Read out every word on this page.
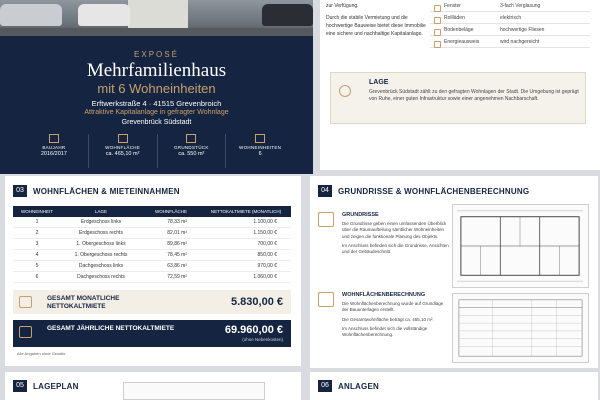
EXPOSÉ
Mehrfamilienhaus
mit 6 Wohneinheiten
Erftwerkstraße 4 · 41515 Grevenbroich
Attraktive Kapitalanlage in gefragter Wohnlage
Grevenbrück Südstadt
BAUJAHR
2016/2017
WOHNFLÄCHE
ca. 465,10 m²
GRUNDSTÜCK
ca. 550 m²
WOHNEINHEITEN
6
zur Verfügung.
Durch die stabile Vermietung und die hochwertige Bauweise bietet diese Immobilie eine sichere und nachhaltige Kapitalanlage.
Fenster	3-fach Verglasung
Rollläden	elektrisch
Bodenbeläge	hochwertige Fliesen
Energieausweis	wird nachgereicht
LAGE
Grevenbrück Südstadt zählt zu den gefragten Wohnlagen der Stadt. Die Umgebung ist geprägt von Ruhe, einer guten Infrastruktur sowie einer angenehmen Nachbarschaft.
03	WOHNFLÄCHEN & MIETEINNAHMEN
WOHNEINHEIT	LAGE	WOHNFLÄCHE	NETTOKALTMIETE (MONATLICH)
1	Erdgeschoss links	78,33 m²	1.100,00 €
2	Erdgeschoss rechts	82,01 m²	1.150,00 €
3	1. Obergeschoss links	89,86 m²	700,00 €
4	1. Obergeschoss rechts	78,45 m²	850,00 €
5	Dachgeschoss links	63,86 m²	970,00 €
6	Dachgeschoss rechts	72,59 m²	1.060,00 €
GESAMT MONATLICHE NETTOKALTMIETE	5.830,00 €
GESAMT JÄHRLICHE NETTOKALTMIETE	69.960,00 €
(ohne Nebenkosten)
Alle Angaben ohne Gewähr
04	GRUNDRISSE & WOHNFLÄCHENBERECHNUNG
GRUNDRISSE
Die Grundrisse geben einen umfassenden Überblick über die Raumaufteilung sämtlicher Wohneinheiten und zeigen die funktionale Planung des Objekts.
Im Anschluss befinden sich die Grundrisse, Ansichten und der Gebäudeschnitt.
WOHNFLÄCHENBERECHNUNG
Die Wohnflächenberechnung wurde auf Grundlage der Bauunterlagen erstellt.
Die Gesamtwohnfläche beträgt ca. 465,10 m².
Im Anschluss befindet sich die vollständige Wohnflächenberechnung.
05	LAGEPLAN	06	ANLAGEN
